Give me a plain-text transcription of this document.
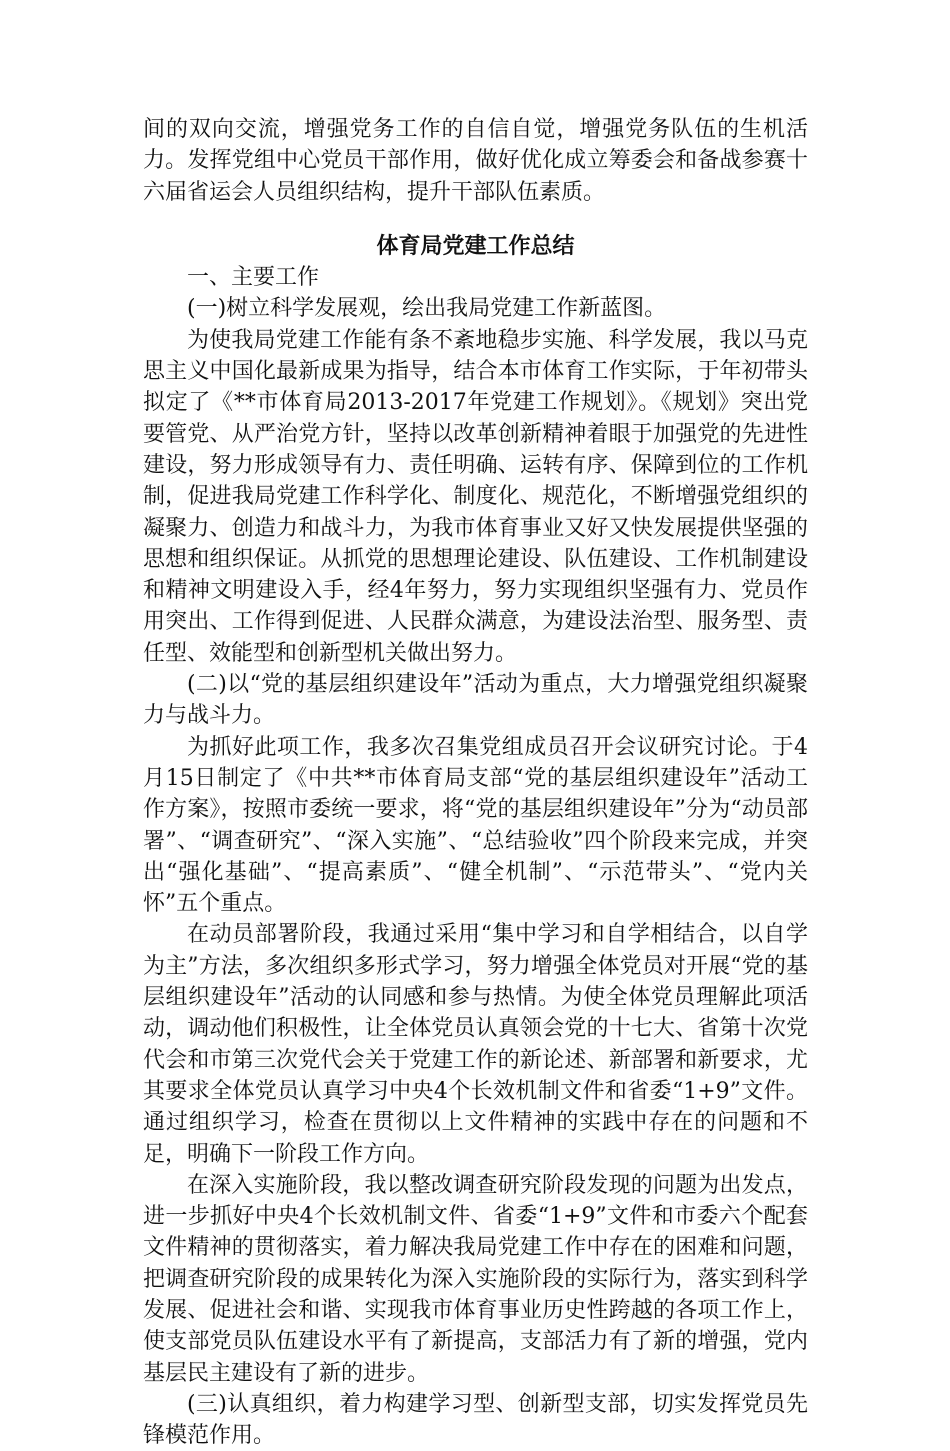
间的双向交流，增强党务工作的自信自觉，增强党务队伍的生机活力。发挥党组中心党员干部作用，做好优化成立筹委会和备战参赛十六届省运会人员组织结构，提升干部队伍素质。

体育局党建工作总结

一、主要工作

(一)树立科学发展观，绘出我局党建工作新蓝图。

为使我局党建工作能有条不紊地稳步实施、科学发展，我以马克思主义中国化最新成果为指导，结合本市体育工作实际，于年初带头拟定了《**市体育局2013-2017年党建工作规划》。《规划》突出党要管党、从严治党方针，坚持以改革创新精神着眼于加强党的先进性建设，努力形成领导有力、责任明确、运转有序、保障到位的工作机制，促进我局党建工作科学化、制度化、规范化，不断增强党组织的凝聚力、创造力和战斗力，为我市体育事业又好又快发展提供坚强的思想和组织保证。从抓党的思想理论建设、队伍建设、工作机制建设和精神文明建设入手，经4年努力，努力实现组织坚强有力、党员作用突出、工作得到促进、人民群众满意，为建设法治型、服务型、责任型、效能型和创新型机关做出努力。

(二)以“党的基层组织建设年”活动为重点，大力增强党组织凝聚力与战斗力。

为抓好此项工作，我多次召集党组成员召开会议研究讨论。于4月15日制定了《中共**市体育局支部“党的基层组织建设年”活动工作方案》，按照市委统一要求，将“党的基层组织建设年”分为“动员部署”、“调查研究”、“深入实施”、“总结验收”四个阶段来完成，并突出“强化基础”、“提高素质”、“健全机制”、“示范带头”、“党内关怀”五个重点。

在动员部署阶段，我通过采用“集中学习和自学相结合，以自学为主”方法，多次组织多形式学习，努力增强全体党员对开展“党的基层组织建设年”活动的认同感和参与热情。为使全体党员理解此项活动，调动他们积极性，让全体党员认真领会党的十七大、省第十次党代会和市第三次党代会关于党建工作的新论述、新部署和新要求，尤其要求全体党员认真学习中央4个长效机制文件和省委“1+9”文件。通过组织学习，检查在贯彻以上文件精神的实践中存在的问题和不足，明确下一阶段工作方向。

在深入实施阶段，我以整改调查研究阶段发现的问题为出发点，进一步抓好中央4个长效机制文件、省委“1+9”文件和市委六个配套文件精神的贯彻落实，着力解决我局党建工作中存在的困难和问题，把调查研究阶段的成果转化为深入实施阶段的实际行为，落实到科学发展、促进社会和谐、实现我市体育事业历史性跨越的各项工作上，使支部党员队伍建设水平有了新提高，支部活力有了新的增强，党内基层民主建设有了新的进步。

(三)认真组织，着力构建学习型、创新型支部，切实发挥党员先锋模范作用。
